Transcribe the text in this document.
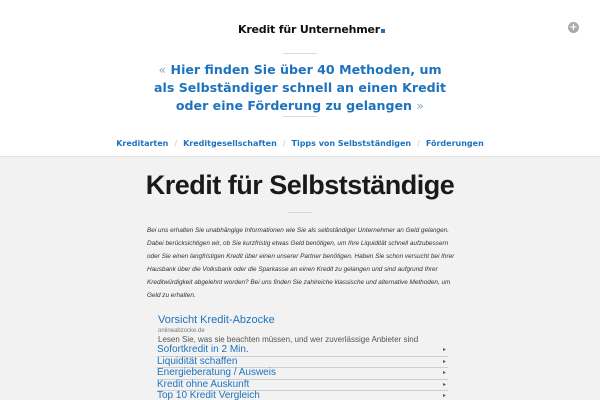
Kredit für Unternehmer	+
« Hier finden Sie über 40 Methoden, um als Selbständiger schnell an einen Kredit oder eine Förderung zu gelangen »
Kreditarten / Kreditgesellschaften / Tipps von Selbstständigen / Förderungen
Kredit für Selbstständige
Bei uns erhalten Sie unabhängige Informationen wie Sie als selbständiger Unternehmer an Geld gelangen. Dabei berücksichtigen wir, ob Sie kurzfristig etwas Geld benötigen, um Ihre Liquidität schnell aufzubessern oder Sie einen langfristigen Kredit über einen unserer Partner benötigen. Haben Sie schon versucht bei Ihrer Hausbank über die Volksbank oder die Sparkasse an einen Kredit zu gelangen und sind aufgrund Ihrer Kreditwürdigkeit abgelehnt worden? Bei uns finden Sie zahlreiche klassische und alternative Methoden, um Geld zu erhalten.
Vorsicht Kredit-Abzocke
onlineabzocke.de
Lesen Sie, was sie beachten müssen, und wer zuverlässige Anbieter sind
Sofortkredit in 2 Min.	▸
Liquidität schaffen	▸
Energieberatung / Ausweis	▸
Kredit ohne Auskunft	▸
Top 10 Kredit Vergleich	▸
